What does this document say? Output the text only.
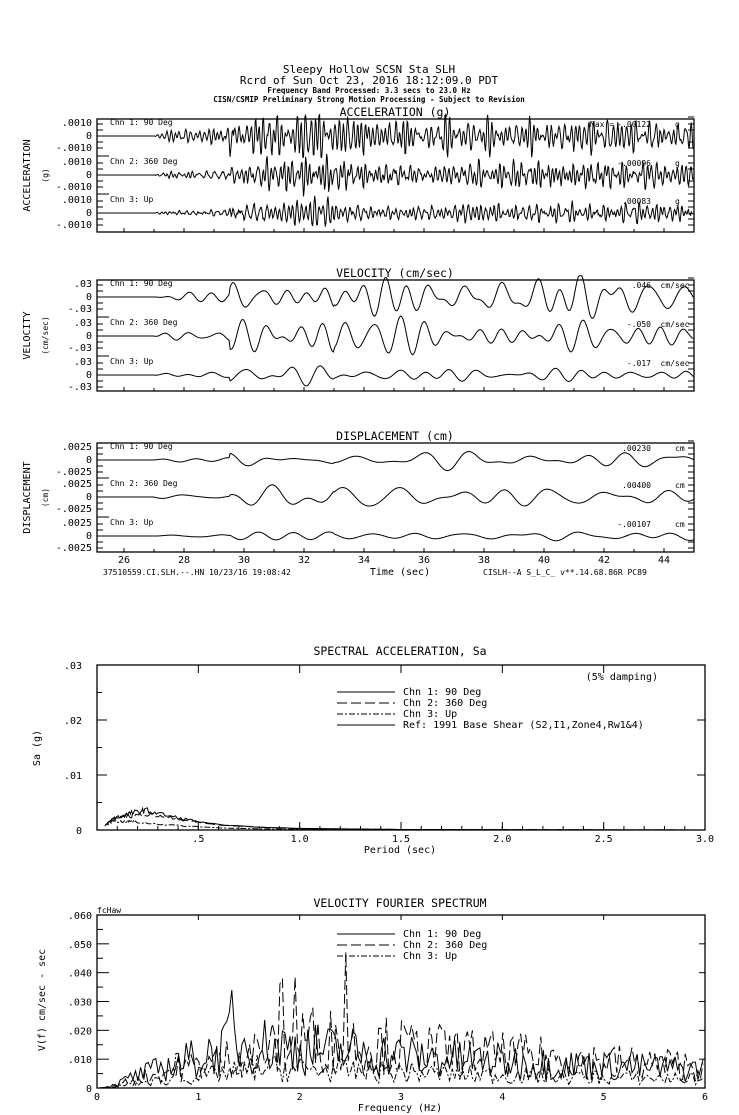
Sleepy Hollow SCSN Sta SLH
Rcrd of Sun Oct 23, 2016 18:12:09.0 PDT
Frequency Band Processed: 3.3 secs to 23.0 Hz
CISN/CSMIP Preliminary Strong Motion Processing - Subject to Revision
ACCELERATION (g)
ACCELERATION (g)
.0010
0
-.0010
Chn 1: 90 Deg	Max = -.00122	g
.0010
0
-.0010
Chn 2: 360 Deg	-.00096	g
.0010
0
-.0010
Chn 3: Up	.00083	g
VELOCITY (cm/sec)
VELOCITY (cm/sec)
.03
0
-.03
Chn 1: 90 Deg	.046 cm/sec
.03
0
-.03
Chn 2: 360 Deg	-.050 cm/sec
.03
0
-.03
Chn 3: Up	-.017 cm/sec
DISPLACEMENT (cm)
DISPLACEMENT (cm)
.0025
0
-.0025
Chn 1: 90 Deg	.00230	cm
.0025
0
-.0025
Chn 2: 360 Deg	.00400	cm
.0025
0
-.0025
Chn 3: Up	-.00107	cm
26	28	30	32	34	36	38	40	42	44
Time (sec)
37510559.CI.SLH.--.HN 10/23/16 19:08:42	CISLH--A S_L_C_ v**.14.68.86R PC89
SPECTRAL ACCELERATION, Sa
.03
.02
.01
0
.5	1.0	1.5	2.0	2.5	3.0
Period (sec)
Sa (g)
(5% damping)
Chn 1: 90 Deg
Chn 2: 360 Deg
Chn 3: Up
Ref: 1991 Base Shear (S2,I1,Zone4,Rw1&4)
VELOCITY FOURIER SPECTRUM
fcHaw
.060
.050
.040
.030
.020
.010
0
0	1	2	3	4	5	6
Frequency (Hz)
V(f) cm/sec - sec
Chn 1: 90 Deg
Chn 2: 360 Deg
Chn 3: Up
